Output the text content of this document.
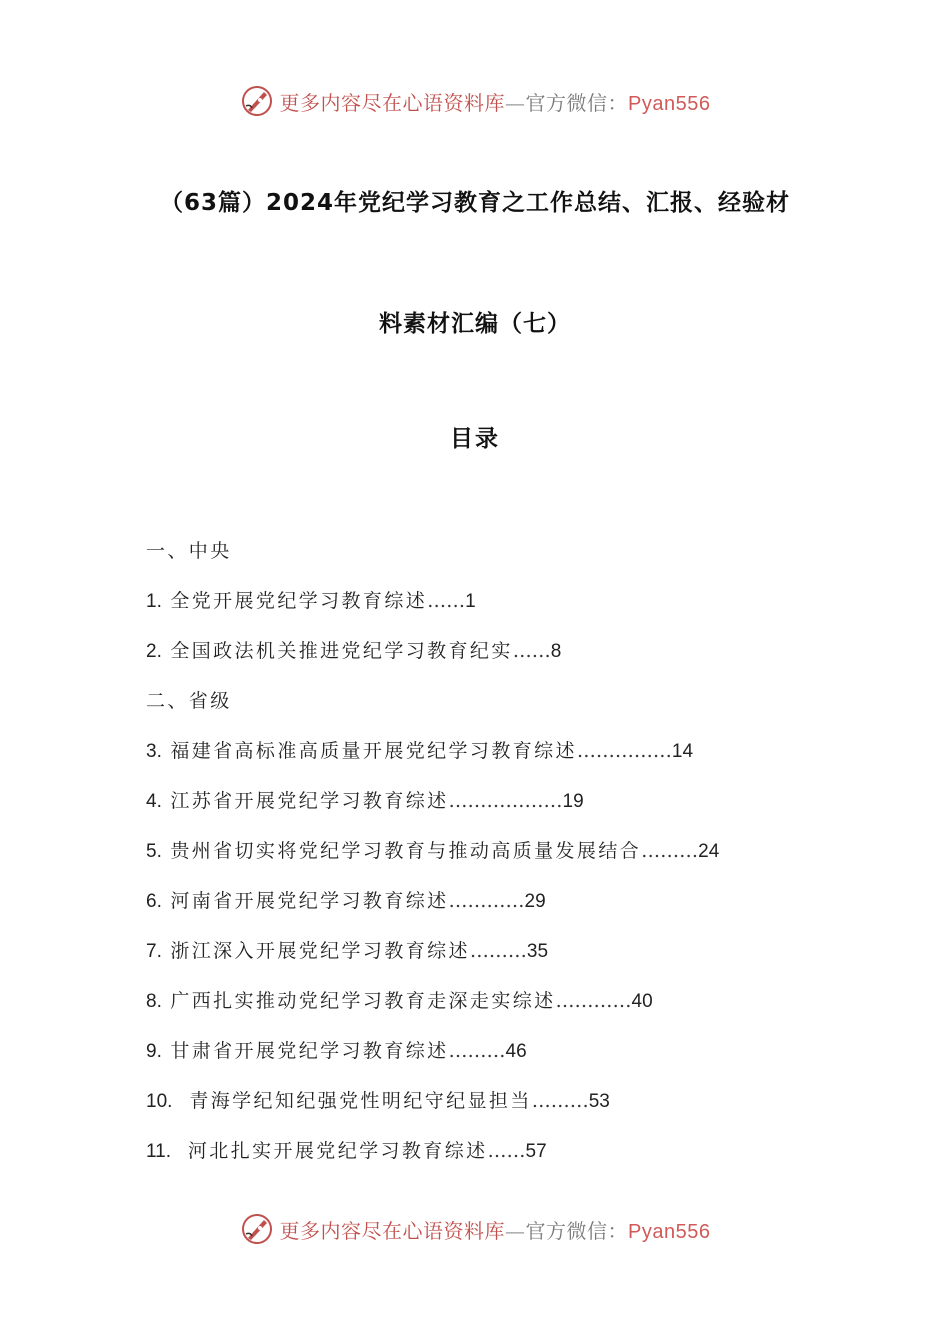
更多内容尽在心语资料库—官方微信：Pyan556
（63篇）2024年党纪学习教育之工作总结、汇报、经验材
料素材汇编（七）
目录
一、中央
1. 全党开展党纪学习教育综述……1
2. 全国政法机关推进党纪学习教育纪实……8
二、省级
3. 福建省高标准高质量开展党纪学习教育综述……………14
4. 江苏省开展党纪学习教育综述………………19
5. 贵州省切实将党纪学习教育与推动高质量发展结合………24
6. 河南省开展党纪学习教育综述…………29
7. 浙江深入开展党纪学习教育综述………35
8. 广西扎实推动党纪学习教育走深走实综述…………40
9. 甘肃省开展党纪学习教育综述………46
10. 青海学纪知纪强党性明纪守纪显担当………53
11. 河北扎实开展党纪学习教育综述……57
更多内容尽在心语资料库—官方微信：Pyan556
